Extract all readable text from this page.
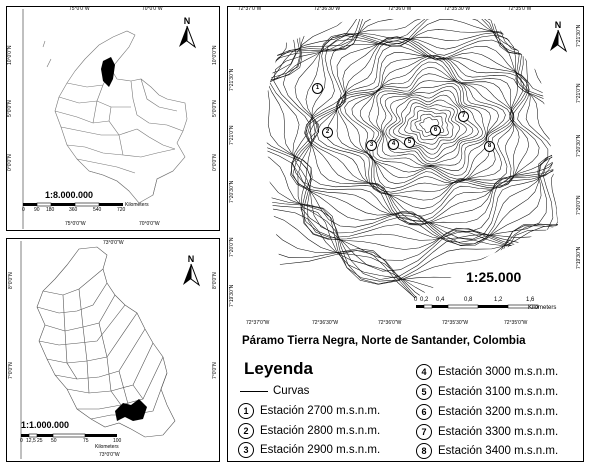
75°0'0"W	70°0'0"W
75°0'0"W	70°0'0"W
10°0'0"N
5°0'0"N
0°0'0"N
10°0'0"N
5°0'0"N
0°0'0"N
N
1:8.000.000
0 90 180	360	540	720
Kilometers
73°0'0"W
73°0'0"W
8°0'0"N
7°0'0"N
8°0'0"N
7°0'0"N
N
1:1.000.000
0 12,5 25 50	75	100
Kilometers
72°37'0"W	72°36'30"W	72°36'0"W	72°35'30"W	72°35'0"W
72°37'0"W	72°36'30"W	72°36'0"W	72°35'30"W	72°35'0"W
7°21'30"N
7°21'0"N
7°20'30"N
7°20'0"N
7°19'30"N
7°21'30"N
7°21'0"N
7°20'30"N
7°20'0"N
7°19'30"N
N
1
2
3	4	5
6
7
8
1:25.000
0 0,2 0,4	0,8	1,2	1,6
Kilometers
Páramo Tierra Negra, Norte de Santander, Colombia
Leyenda
Curvas
1	Estación 2700 m.s.n.m.
2	Estación 2800 m.s.n.m.
3	Estación 2900 m.s.n.m.
4	Estación 3000 m.s.n.m.
5	Estación 3100 m.s.n.m.
6	Estación 3200 m.s.n.m.
7	Estación 3300 m.s.n.m.
8	Estación 3400 m.s.n.m.
